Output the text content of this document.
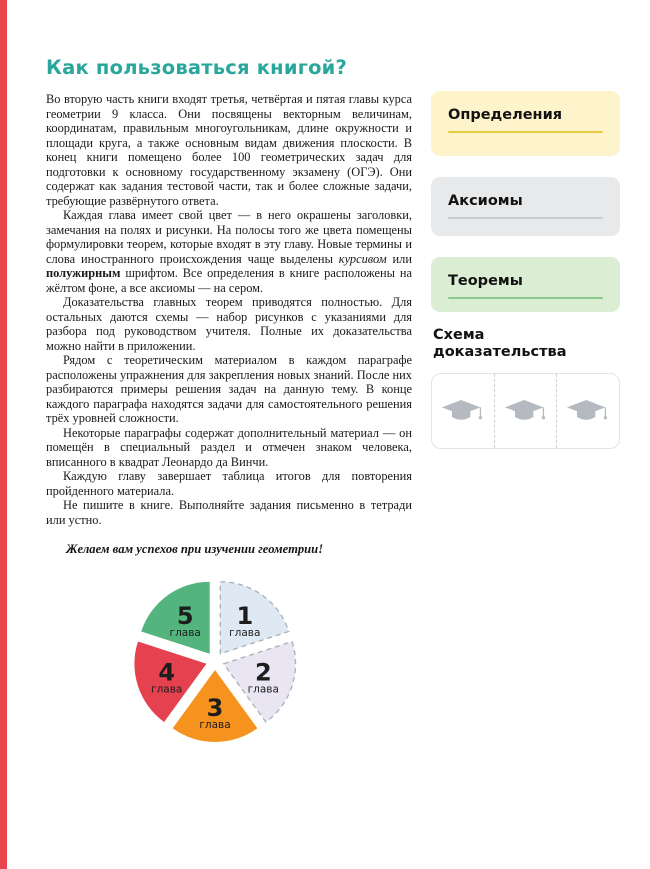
Как пользоваться книгой?

Во вторую часть книги входят третья, четвёртая и пятая главы курса геометрии 9 класса. Они посвящены векторным величинам, координатам, правильным многоугольникам, длине окружности и площади круга, а также основным видам движения плоскости. В конец книги помещено более 100 геометрических задач для подготовки к основному государственному экзамену (ОГЭ). Они содержат как задания тестовой части, так и более сложные задачи, требующие развёрнутого ответа.

Каждая глава имеет свой цвет — в него окрашены заголовки, замечания на полях и рисунки. На полосы того же цвета помещены формулировки теорем, которые входят в эту главу. Новые термины и слова иностранного происхождения чаще выделены курсивом или полужирным шрифтом. Все определения в книге расположены на жёлтом фоне, а все аксиомы — на сером.

Доказательства главных теорем приводятся полностью. Для остальных даются схемы — набор рисунков с указаниями для разбора под руководством учителя. Полные их доказательства можно найти в приложении.

Рядом с теоретическим материалом в каждом параграфе расположены упражнения для закрепления новых знаний. После них разбираются примеры решения задач на данную тему. В конце каждого параграфа находятся задачи для самостоятельного решения трёх уровней сложности.

Некоторые параграфы содержат дополнительный материал — он помещён в специальный раздел и отмечен знаком человека, вписанного в квадрат Леонардо да Винчи.

Каждую главу завершает таблица итогов для повторения пройденного материала.

Не пишите в книге. Выполняйте задания письменно в тетради или устно.

Желаем вам успехов при изучении геометрии!

1
глава
2
глава
3
глава
4
глава
5
глава
Определения
Аксиомы
Теоремы
Схема доказательства
